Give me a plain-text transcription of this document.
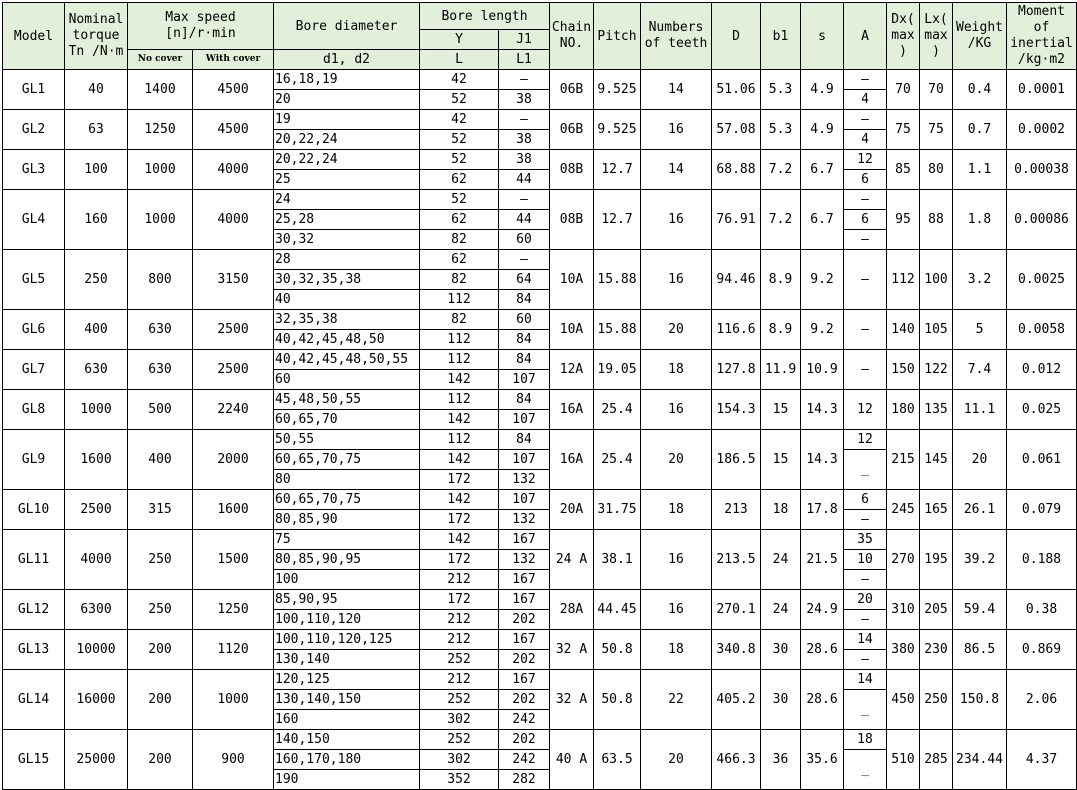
Model	Nominal torque Tn /N·m	Max speed [n]/r·min		Bore diameter	Bore length		Chain NO.	Pitch	Numbers of teeth	D	b1	s	A	Dx( max )	Lx( max )	Weight /KG	Moment of inertial /kg·m2
					Y	J1											
		No cover	With cover	d1, d2	L	L1											
GL1	40	1400	4500	16,18,19	42	–	06B	9.525	14	51.06	5.3	4.9	–	70	70	0.4	0.0001
				20	52	38							4				
GL2	63	1250	4500	19	42	–	06B	9.525	16	57.08	5.3	4.9	–	75	75	0.7	0.0002
				20,22,24	52	38							4				
GL3	100	1000	4000	20,22,24	52	38	08B	12.7	14	68.88	7.2	6.7	12	85	80	1.1	0.00038
				25	62	44							6				
GL4	160	1000	4000	24	52	–	08B	12.7	16	76.91	7.2	6.7	–	95	88	1.8	0.00086
				25,28	62	44							6				
				30,32	82	60							–				
GL5	250	800	3150	28	62	–	10A	15.88	16	94.46	8.9	9.2	–	112	100	3.2	0.0025
				30,32,35,38	82	64											
				40	112	84											
GL6	400	630	2500	32,35,38	82	60	10A	15.88	20	116.6	8.9	9.2	–	140	105	5	0.0058
				40,42,45,48,50	112	84											
GL7	630	630	2500	40,42,45,48,50,55	112	84	12A	19.05	18	127.8	11.9	10.9	–	150	122	7.4	0.012
				60	142	107											
GL8	1000	500	2240	45,48,50,55	112	84	16A	25.4	16	154.3	15	14.3	12	180	135	11.1	0.025
				60,65,70	142	107											
GL9	1600	400	2000	50,55	112	84	16A	25.4	20	186.5	15	14.3	12	215	145	20	0.061
				60,65,70,75	142	107							_				
				80	172	132											
GL10	2500	315	1600	60,65,70,75	142	107	20A	31.75	18	213	18	17.8	6	245	165	26.1	0.079
				80,85,90	172	132							–				
GL11	4000	250	1500	75	142	167	24 A	38.1	16	213.5	24	21.5	35	270	195	39.2	0.188
				80,85,90,95	172	132							10				
				100	212	167							–				
GL12	6300	250	1250	85,90,95	172	167	28A	44.45	16	270.1	24	24.9	20	310	205	59.4	0.38
				100,110,120	212	202							–				
GL13	10000	200	1120	100,110,120,125	212	167	32 A	50.8	18	340.8	30	28.6	14	380	230	86.5	0.869
				130,140	252	202							–				
GL14	16000	200	1000	120,125	212	167	32 A	50.8	22	405.2	30	28.6	14	450	250	150.8	2.06
				130,140,150	252	202							_				
				160	302	242											
GL15	25000	200	900	140,150	252	202	40 A	63.5	20	466.3	36	35.6	18	510	285	234.44	4.37
				160,170,180	302	242							_				
				190	352	282											
